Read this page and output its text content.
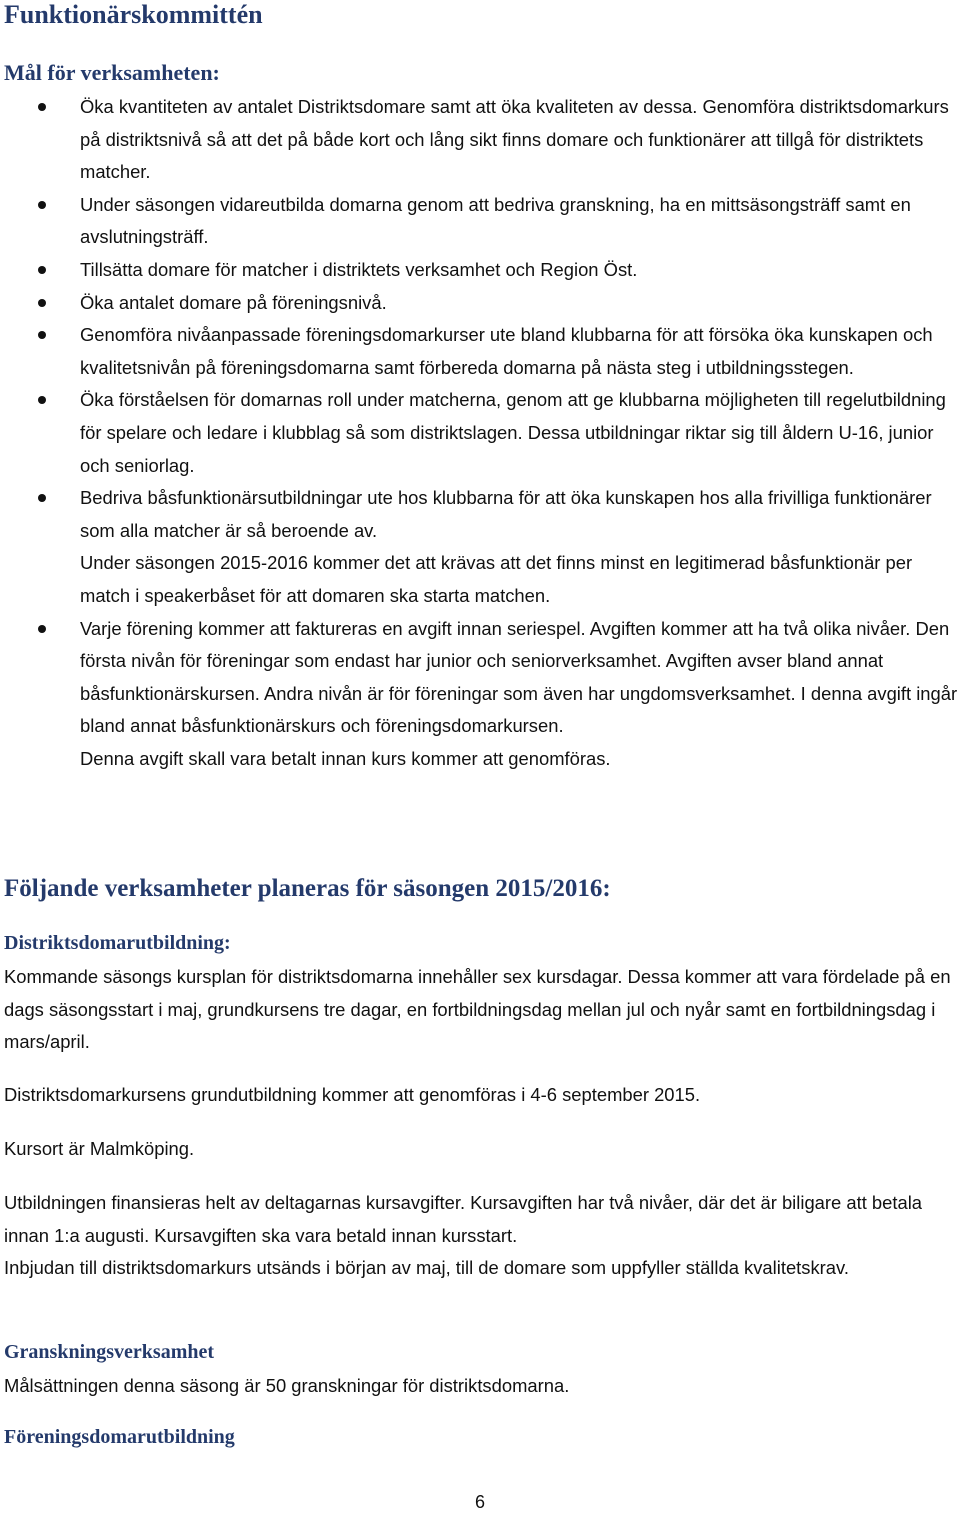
Funktionärskommittén
Mål för verksamheten:
Öka kvantiteten av antalet Distriktsdomare samt att öka kvaliteten av dessa. Genomföra distriktsdomarkurs på distriktsnivå så att det på både kort och lång sikt finns domare och funktionärer att tillgå för distriktets matcher.
Under säsongen vidareutbilda domarna genom att bedriva granskning, ha en mittsäsongsträff samt en avslutningsträff.
Tillsätta domare för matcher i distriktets verksamhet och Region Öst.
Öka antalet domare på föreningsnivå.
Genomföra nivåanpassade föreningsdomarkurser ute bland klubbarna för att försöka öka kunskapen och kvalitetsnivån på föreningsdomarna samt förbereda domarna på nästa steg i utbildningsstegen.
Öka förståelsen för domarnas roll under matcherna, genom att ge klubbarna möjligheten till regelutbildning för spelare och ledare i klubblag så som distriktslagen. Dessa utbildningar riktar sig till åldern U-16, junior och seniorlag.
Bedriva båsfunktionärsutbildningar ute hos klubbarna för att öka kunskapen hos alla frivilliga funktionärer som alla matcher är så beroende av.
Under säsongen 2015-2016 kommer det att krävas att det finns minst en legitimerad båsfunktionär per match i speakerbåset för att domaren ska starta matchen.
Varje förening kommer att faktureras en avgift innan seriespel. Avgiften kommer att ha två olika nivåer. Den första nivån för föreningar som endast har junior och seniorverksamhet. Avgiften avser bland annat båsfunktionärskursen. Andra nivån är för föreningar som även har ungdomsverksamhet. I denna avgift ingår bland annat båsfunktionärskurs och föreningsdomarkursen.
Denna avgift skall vara betalt innan kurs kommer att genomföras.
Följande verksamheter planeras för säsongen 2015/2016:
Distriktsdomarutbildning:

Kommande säsongs kursplan för distriktsdomarna innehåller sex kursdagar. Dessa kommer att vara fördelade på en dags säsongsstart i maj, grundkursens tre dagar, en fortbildningsdag mellan jul och nyår samt en fortbildningsdag i mars/april.

Distriktsdomarkursens grundutbildning kommer att genomföras i 4-6 september 2015.

Kursort är Malmköping.

Utbildningen finansieras helt av deltagarnas kursavgifter. Kursavgiften har två nivåer, där det är biligare att betala innan 1:a augusti. Kursavgiften ska vara betald innan kursstart.

Inbjudan till distriktsdomarkurs utsänds i början av maj, till de domare som uppfyller ställda kvalitetskrav.

Granskningsverksamhet

Målsättningen denna säsong är 50 granskningar för distriktsdomarna.

Föreningsdomarutbildning
6
